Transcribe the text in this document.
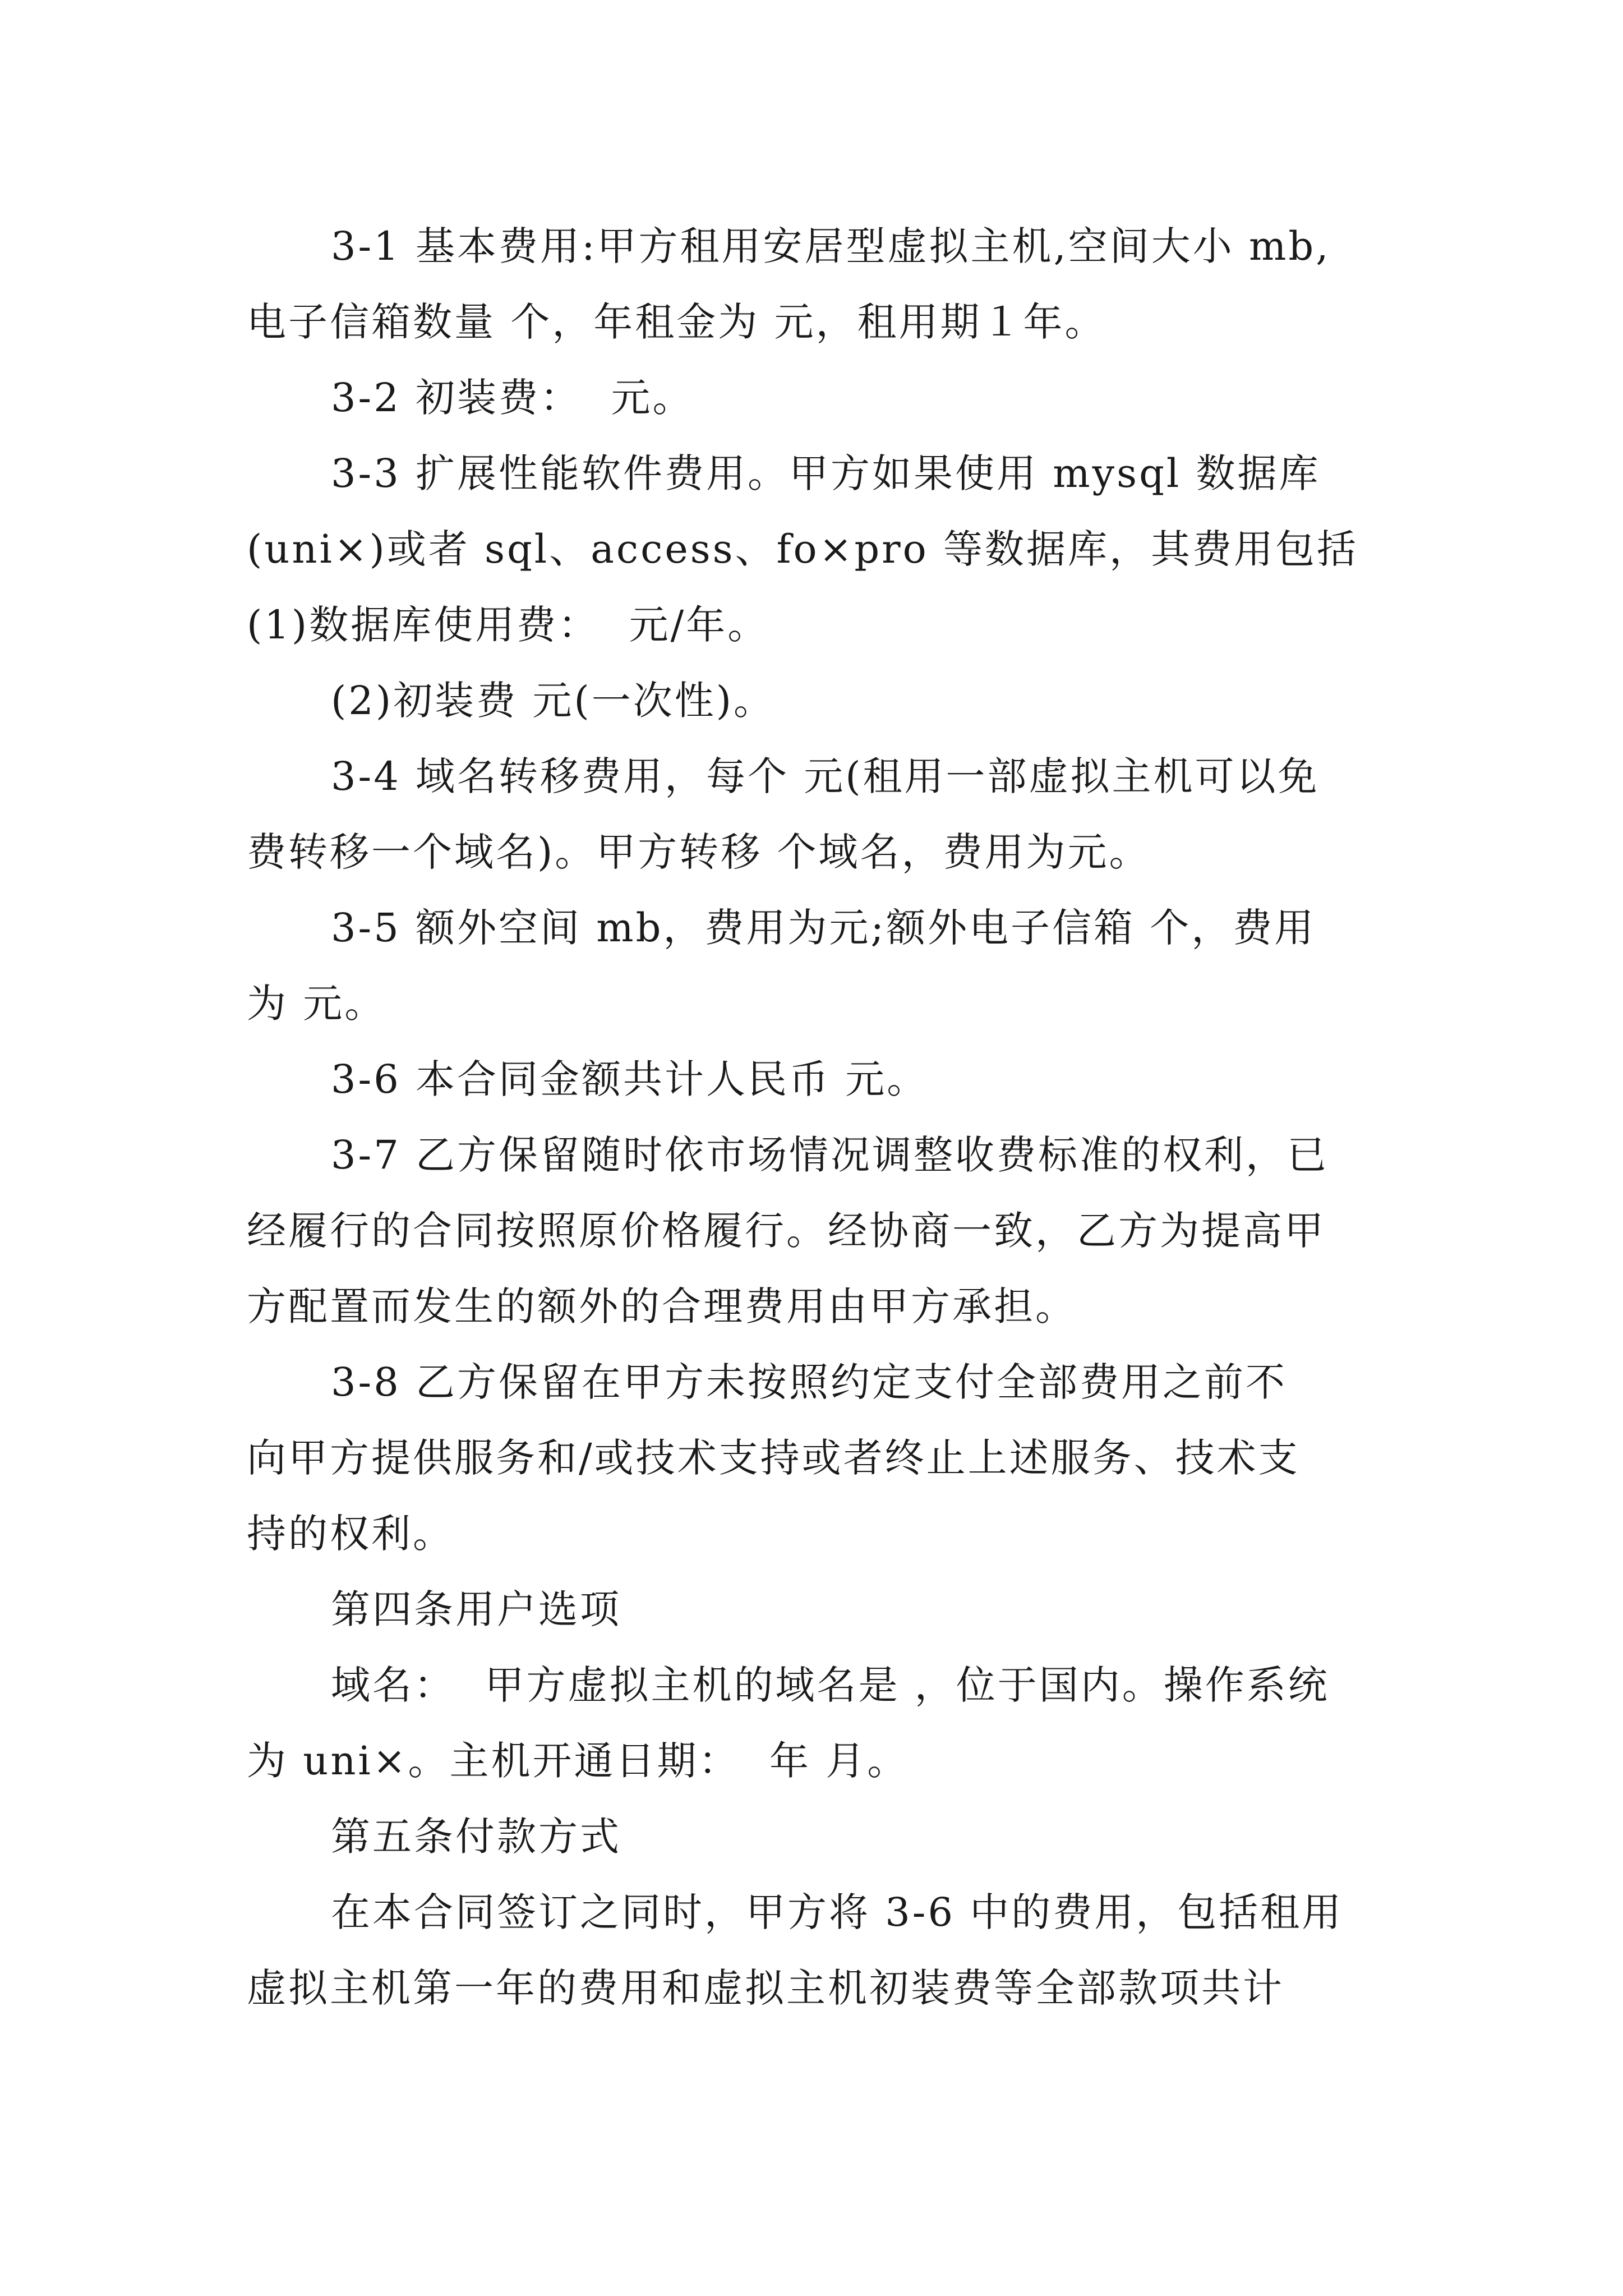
3-1 基本费用:甲方租用安居型虚拟主机,空间大小 mb,
电子信箱数量 个，年租金为 元，租用期１年。
3-2 初装费：  元。
3-3 扩展性能软件费用。甲方如果使用 mysql 数据库
(uni×)或者 sql、access、fo×pro 等数据库，其费用包括
(1)数据库使用费：  元/年。
(2)初装费 元(一次性)。
3-4 域名转移费用，每个 元(租用一部虚拟主机可以免
费转移一个域名)。甲方转移 个域名，费用为元。
3-5 额外空间 mb，费用为元;额外电子信箱 个，费用
为 元。
3-6 本合同金额共计人民币 元。
3-7 乙方保留随时依市场情况调整收费标准的权利，已
经履行的合同按照原价格履行。经协商一致，乙方为提高甲
方配置而发生的额外的合理费用由甲方承担。
3-8 乙方保留在甲方未按照约定支付全部费用之前不
向甲方提供服务和/或技术支持或者终止上述服务、技术支
持的权利。
第四条用户选项
域名：  甲方虚拟主机的域名是 ，位于国内。操作系统
为 uni×。主机开通日期：  年 月。
第五条付款方式
在本合同签订之同时，甲方将 3-6 中的费用，包括租用
虚拟主机第一年的费用和虚拟主机初装费等全部款项共计
